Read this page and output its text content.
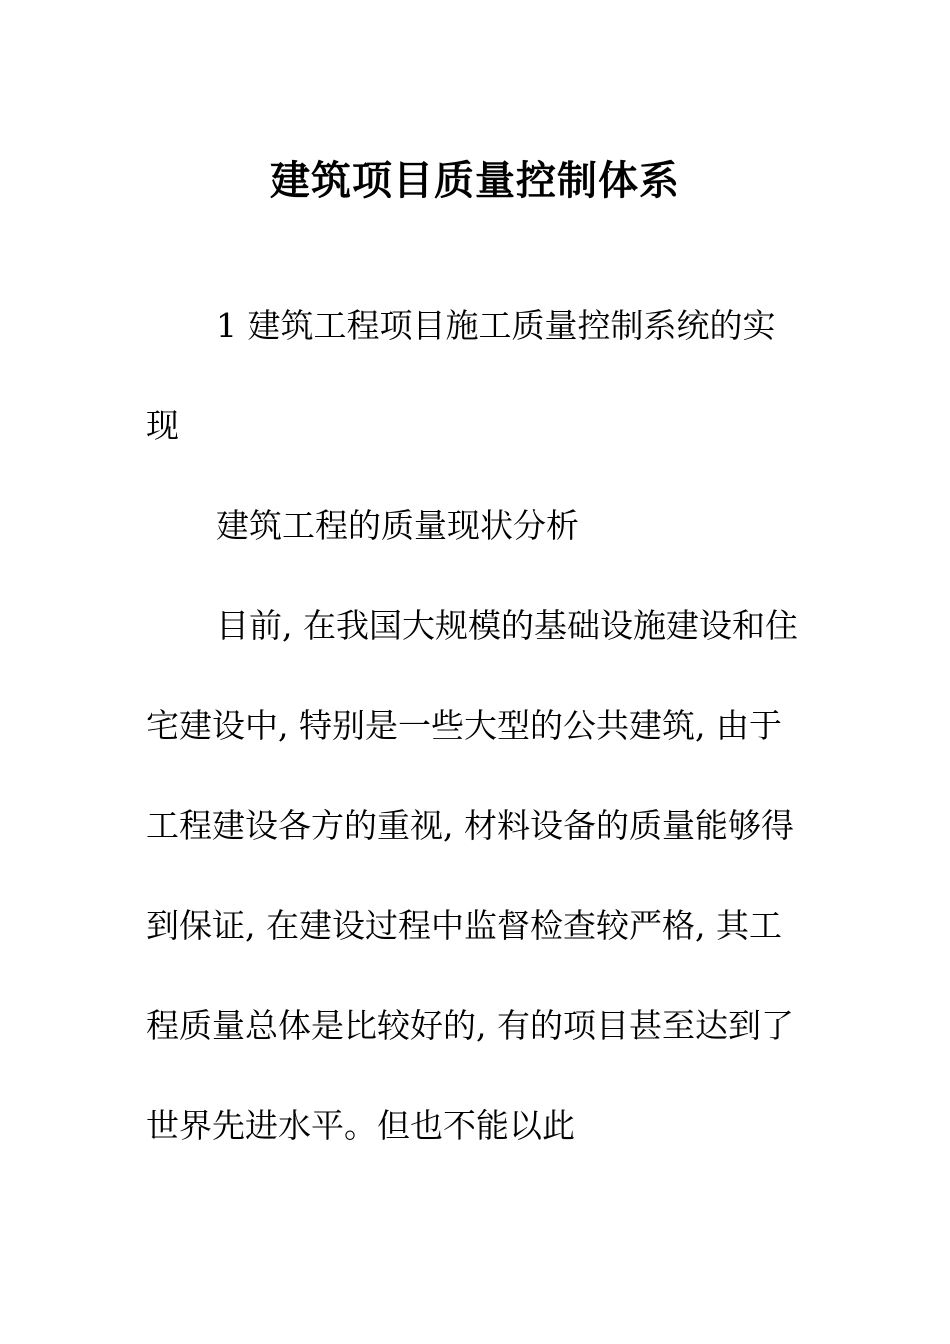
建筑项目质量控制体系

1 建筑工程项目施工质量控制系统的实现

建筑工程的质量现状分析

目前, 在我国大规模的基础设施建设和住宅建设中, 特别是一些大型的公共建筑, 由于工程建设各方的重视, 材料设备的质量能够得到保证, 在建设过程中监督检查较严格, 其工程质量总体是比较好的, 有的项目甚至达到了世界先进水平。但也不能以此
